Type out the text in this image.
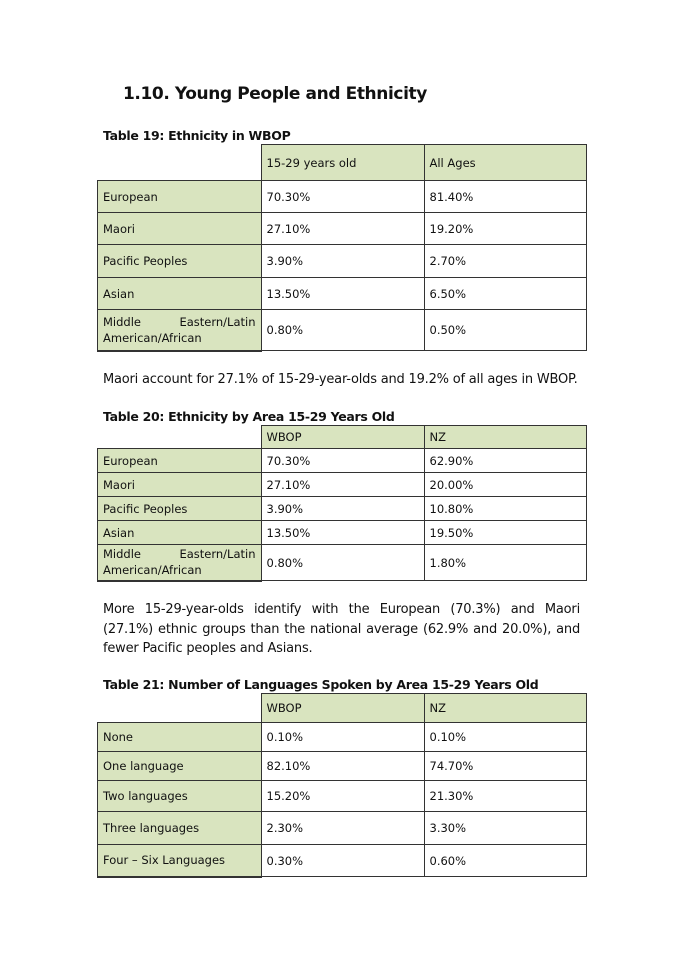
1.10. Young People and Ethnicity
Table 19: Ethnicity in WBOP
	15-29 years old	All Ages
European	70.30%	81.40%
Maori	27.10%	19.20%
Pacific Peoples	3.90%	2.70%
Asian	13.50%	6.50%

Middle Eastern/Latin
American/African	0.80%	0.50%
Maori account for 27.1% of 15-29-year-olds and 19.2% of all ages in WBOP.
Table 20: Ethnicity by Area 15-29 Years Old
	WBOP	NZ
European	70.30%	62.90%
Maori	27.10%	20.00%
Pacific Peoples	3.90%	10.80%
Asian	13.50%	19.50%

Middle Eastern/Latin
American/African	0.80%	1.80%
More 15-29-year-olds identify with the European (70.3%) and Maori (27.1%) ethnic groups than the national average (62.9% and 20.0%), and fewer Pacific peoples and Asians.
Table 21: Number of Languages Spoken by Area 15-29 Years Old
	WBOP	NZ
None	0.10%	0.10%
One language	82.10%	74.70%
Two languages	15.20%	21.30%
Three languages	2.30%	3.30%
Four – Six Languages	0.30%	0.60%
